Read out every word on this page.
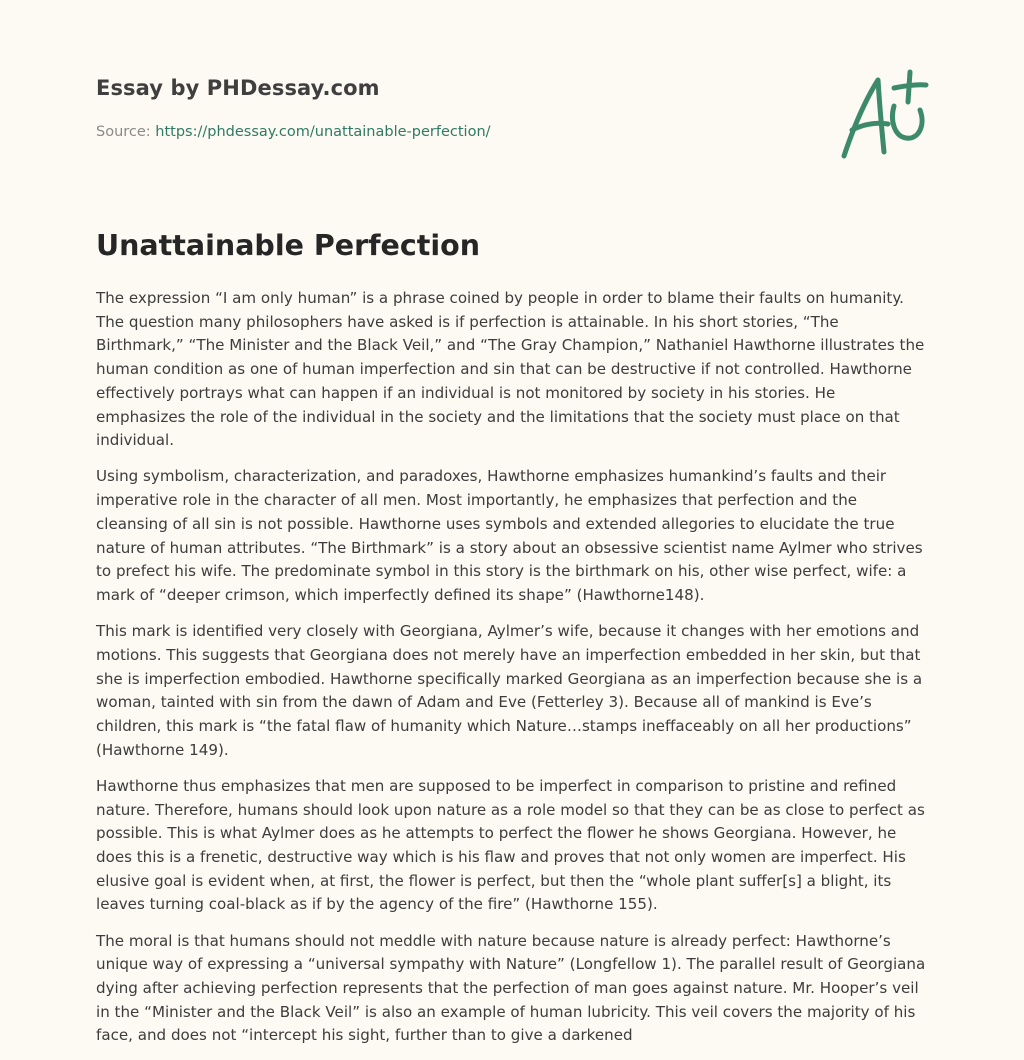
Essay by PHDessay.com

Source: https://phdessay.com/unattainable-perfection/

Unattainable Perfection

The expression “I am only human” is a phrase coined by people in order to blame their faults on humanity. The question many philosophers have asked is if perfection is attainable. In his short stories, “The Birthmark,” “The Minister and the Black Veil,” and “The Gray Champion,” Nathaniel Hawthorne illustrates the human condition as one of human imperfection and sin that can be destructive if not controlled. Hawthorne effectively portrays what can happen if an individual is not monitored by society in his stories. He emphasizes the role of the individual in the society and the limitations that the society must place on that individual.

Using symbolism, characterization, and paradoxes, Hawthorne emphasizes humankind’s faults and their imperative role in the character of all men. Most importantly, he emphasizes that perfection and the cleansing of all sin is not possible. Hawthorne uses symbols and extended allegories to elucidate the true nature of human attributes. “The Birthmark” is a story about an obsessive scientist name Aylmer who strives to prefect his wife. The predominate symbol in this story is the birthmark on his, other wise perfect, wife: a mark of “deeper crimson, which imperfectly defined its shape” (Hawthorne148).

This mark is identified very closely with Georgiana, Aylmer’s wife, because it changes with her emotions and motions. This suggests that Georgiana does not merely have an imperfection embedded in her skin, but that she is imperfection embodied. Hawthorne specifically marked Georgiana as an imperfection because she is a woman, tainted with sin from the dawn of Adam and Eve (Fetterley 3). Because all of mankind is Eve’s children, this mark is “the fatal flaw of humanity which Nature…stamps ineffaceably on all her productions” (Hawthorne 149).

Hawthorne thus emphasizes that men are supposed to be imperfect in comparison to pristine and refined nature. Therefore, humans should look upon nature as a role model so that they can be as close to perfect as possible. This is what Aylmer does as he attempts to perfect the flower he shows Georgiana. However, he does this is a frenetic, destructive way which is his flaw and proves that not only women are imperfect. His elusive goal is evident when, at first, the flower is perfect, but then the “whole plant suffer[s] a blight, its leaves turning coal-black as if by the agency of the fire” (Hawthorne 155).

The moral is that humans should not meddle with nature because nature is already perfect: Hawthorne’s unique way of expressing a “universal sympathy with Nature” (Longfellow 1). The parallel result of Georgiana dying after achieving perfection represents that the perfection of man goes against nature. Mr. Hooper’s veil in the “Minister and the Black Veil” is also an example of human lubricity. This veil covers the majority of his face, and does not “intercept his sight, further than to give a darkened
